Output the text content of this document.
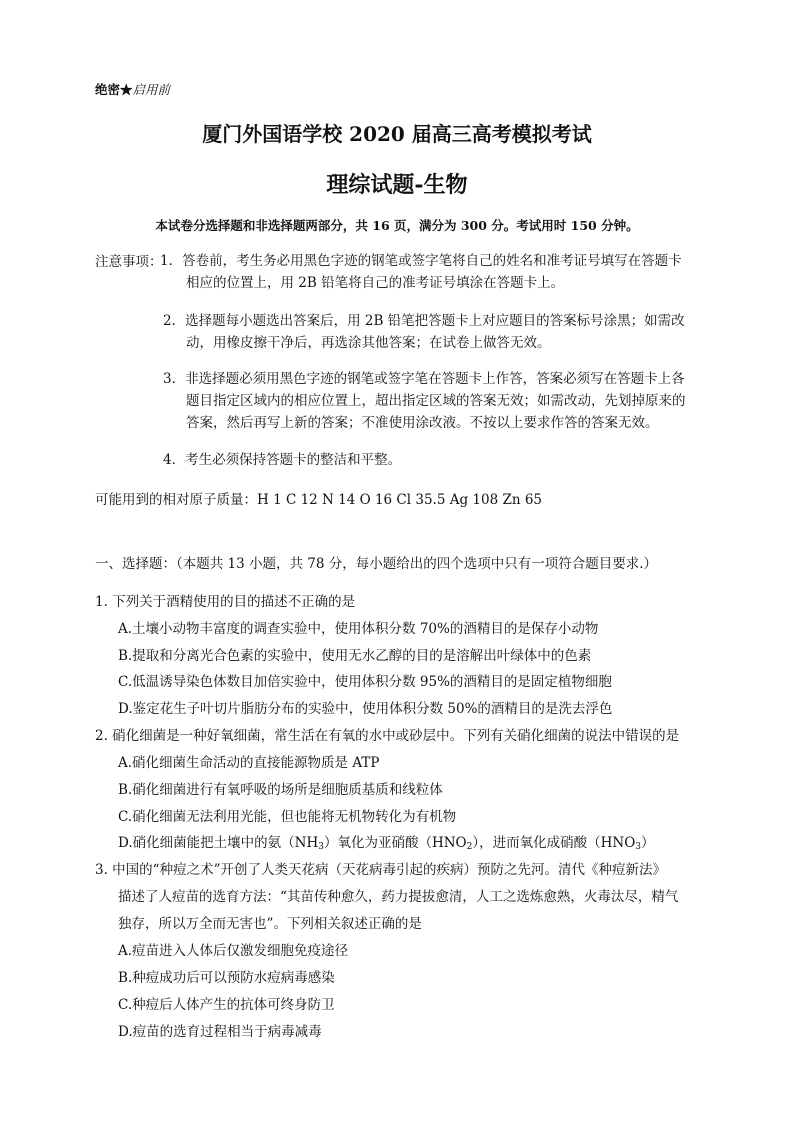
绝密★启用前
厦门外国语学校 2020 届高三高考模拟考试
理综试题-生物
本试卷分选择题和非选择题两部分，共 16 页，满分为 300 分。考试用时 150 分钟。
注意事项：
1．答卷前，考生务必用黑色字迹的钢笔或签字笔将自己的姓名和准考证号填写在答题卡
相应的位置上，用 2B 铅笔将自己的准考证号填涂在答题卡上。
2．选择题每小题选出答案后，用 2B 铅笔把答题卡上对应题目的答案标号涂黑；如需改
动，用橡皮擦干净后，再选涂其他答案；在试卷上做答无效。
3．非选择题必须用黑色字迹的钢笔或签字笔在答题卡上作答，答案必须写在答题卡上各
题目指定区域内的相应位置上，超出指定区域的答案无效；如需改动，先划掉原来的
答案，然后再写上新的答案；不准使用涂改液。不按以上要求作答的答案无效。
4．考生必须保持答题卡的整洁和平整。
可能用到的相对原子质量：H 1 C 12 N 14 O 16 Cl 35.5 Ag 108 Zn 65
一、选择题：（本题共 13 小题，共 78 分，每小题给出的四个选项中只有一项符合题目要求.）
1. 下列关于酒精使用的目的描述不正确的是
A.土壤小动物丰富度的调查实验中，使用体积分数 70%的酒精目的是保存小动物
B.提取和分离光合色素的实验中，使用无水乙醇的目的是溶解出叶绿体中的色素
C.低温诱导染色体数目加倍实验中，使用体积分数 95%的酒精目的是固定植物细胞
D.鉴定花生子叶切片脂肪分布的实验中，使用体积分数 50%的酒精目的是洗去浮色
2. 硝化细菌是一种好氧细菌，常生活在有氧的水中或砂层中。下列有关硝化细菌的说法中错误的是
A.硝化细菌生命活动的直接能源物质是 ATP
B.硝化细菌进行有氧呼吸的场所是细胞质基质和线粒体
C.硝化细菌无法利用光能，但也能将无机物转化为有机物
D.硝化细菌能把土壤中的氨$(NH_3)$氧化为亚硝酸$(HNO_2)$，进而氧化成硝酸$(HNO_3)$
3. 中国的“种痘之术”开创了人类天花病（天花病毒引起的疾病）预防之先河。清代《种痘新法》
描述了人痘苗的选育方法：“其苗传种愈久，药力提拔愈清，人工之选炼愈熟，火毒汰尽，精气
独存，所以万全而无害也”。下列相关叙述正确的是
A.痘苗进入人体后仅激发细胞免疫途径
B.种痘成功后可以预防水痘病毒感染
C.种痘后人体产生的抗体可终身防卫
D.痘苗的选育过程相当于病毒减毒
